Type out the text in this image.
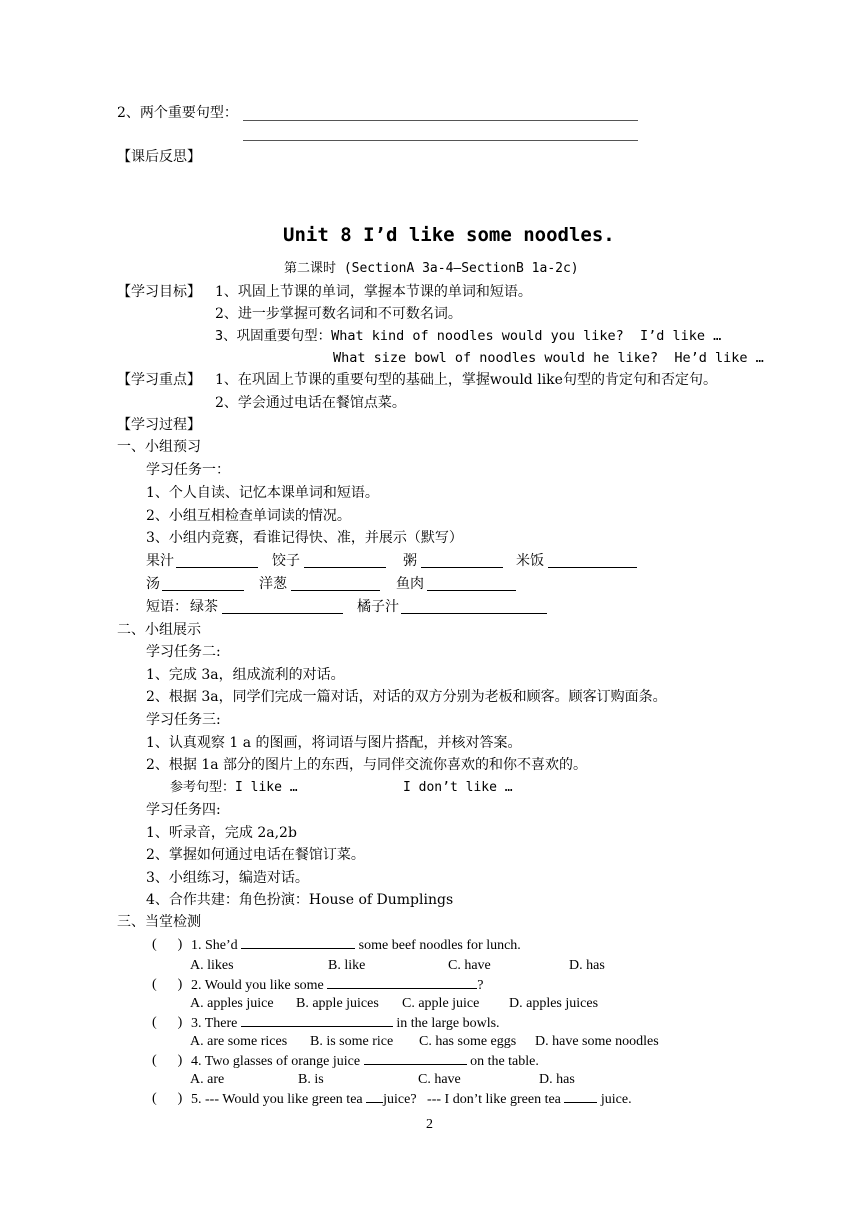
2、两个重要句型：
【课后反思】
Unit 8 I’d like some noodles.
第二课时 (SectionA 3a-4—SectionB 1a-2c)
【学习目标】 1、巩固上节课的单词，掌握本节课的单词和短语。
2、进一步掌握可数名词和不可数名词。
3、巩固重要句型：What kind of noodles would you like?  I’d like …
What size bowl of noodles would he like?  He’d like …
【学习重点】 1、在巩固上节课的重要句型的基础上，掌握would like句型的肯定句和否定句。
2、学会通过电话在餐馆点菜。
【学习过程】
一、小组预习
学习任务一：
1、个人自读、记忆本课单词和短语。
2、小组互相检查单词读的情况。
3、小组内竞赛，看谁记得快、准，并展示（默写）
果汁	饺子	粥	米饭
汤	洋葱	鱼肉
短语： 绿茶	橘子汁
二、小组展示
学习任务二:
1、完成 3a，组成流利的对话。
2、根据 3a，同学们完成一篇对话，对话的双方分别为老板和顾客。顾客订购面条。
学习任务三:
1、认真观察 1 a 的图画，将词语与图片搭配，并核对答案。
2、根据 1a 部分的图片上的东西，与同伴交流你喜欢的和你不喜欢的。
参考句型：I like …	I don’t like …
学习任务四:
1、听录音，完成 2a,2b
2、掌握如何通过电话在餐馆订菜。
3、小组练习，编造对话。
4、合作共建：角色扮演：House of Dumplings
三、当堂检测
(      ) 1. She’d	some beef noodles for lunch.
A. likes	B. like	C. have	D. has
(      ) 2. Would you like some	?
A. apples juice B. apple juices C. apple juice D. apples juices
(      ) 3. There	in the large bowls.
A. are some rices B. is some rice C. has some eggs D. have some noodles
(      ) 4. Two glasses of orange juice	on the table.
A. are	B. is	C. have	D. has
(      ) 5. --- Would you like green tea juice?   --- I don’t like green tea	juice.
2
